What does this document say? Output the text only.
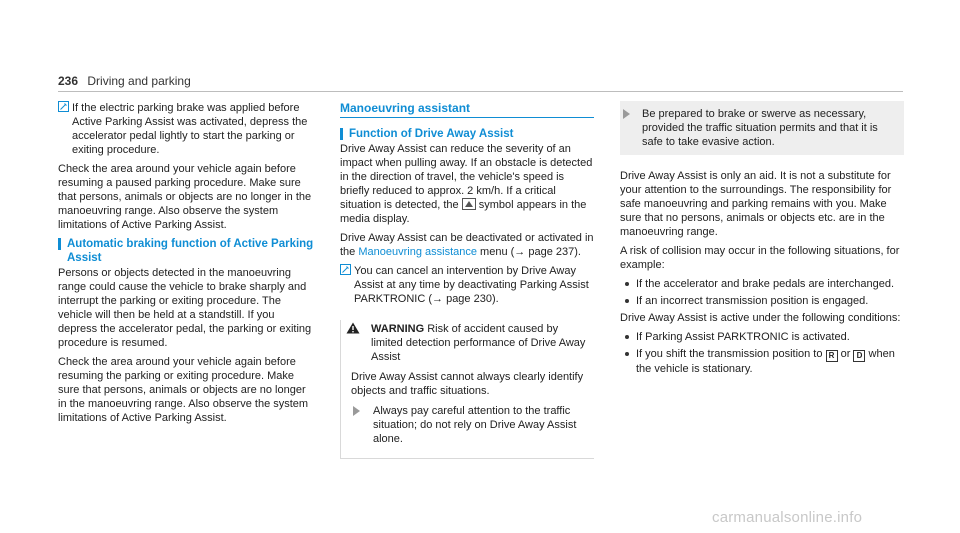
236 Driving and parking
If the electric parking brake was applied before Active Parking Assist was activated, depress the accelerator pedal lightly to start the parking or exiting procedure.

Check the area around your vehicle again before resuming a paused parking procedure. Make sure that persons, animals or objects are no longer in the manoeuvring range. Also observe the system limitations of Active Parking Assist.

Automatic braking function of Active Parking Assist

Persons or objects detected in the manoeuvring range could cause the vehicle to brake sharply and interrupt the parking or exiting procedure. The vehicle will then be held at a standstill. If you depress the accelerator pedal, the parking or exiting procedure is resumed.

Check the area around your vehicle again before resuming the parking or exiting procedure. Make sure that persons, animals or objects are no longer in the manoeuvring range. Also observe the system limitations of Active Parking Assist.

Manoeuvring assistant
Function of Drive Away Assist

Drive Away Assist can reduce the severity of an impact when pulling away. If an obstacle is detected in the direction of travel, the vehicle's speed is briefly reduced to approx. 2 km/h. If a critical situation is detected, the symbol appears in the media display.

Drive Away Assist can be deactivated or activated in the Manoeuvring assistance menu (→ page 237).

You can cancel an intervention by Drive Away Assist at any time by deactivating Parking Assist PARKTRONIC (→ page 230).
WARNING Risk of accident caused by limited detection performance of Drive Away Assist
Drive Away Assist cannot always clearly identify objects and traffic situations.
Always pay careful attention to the traffic situation; do not rely on Drive Away Assist alone.
Be prepared to brake or swerve as necessary, provided the traffic situation permits and that it is safe to take evasive action.

Drive Away Assist is only an aid. It is not a substitute for your attention to the surroundings. The responsibility for safe manoeuvring and parking remains with you. Make sure that no persons, animals or objects etc. are in the manoeuvring range.

A risk of collision may occur in the following situations, for example:

If the accelerator and brake pedals are interchanged.
If an incorrect transmission position is engaged.

Drive Away Assist is active under the following conditions:

If Parking Assist PARKTRONIC is activated.
If you shift the transmission position to R or D when the vehicle is stationary.
carmanualsonline.info
